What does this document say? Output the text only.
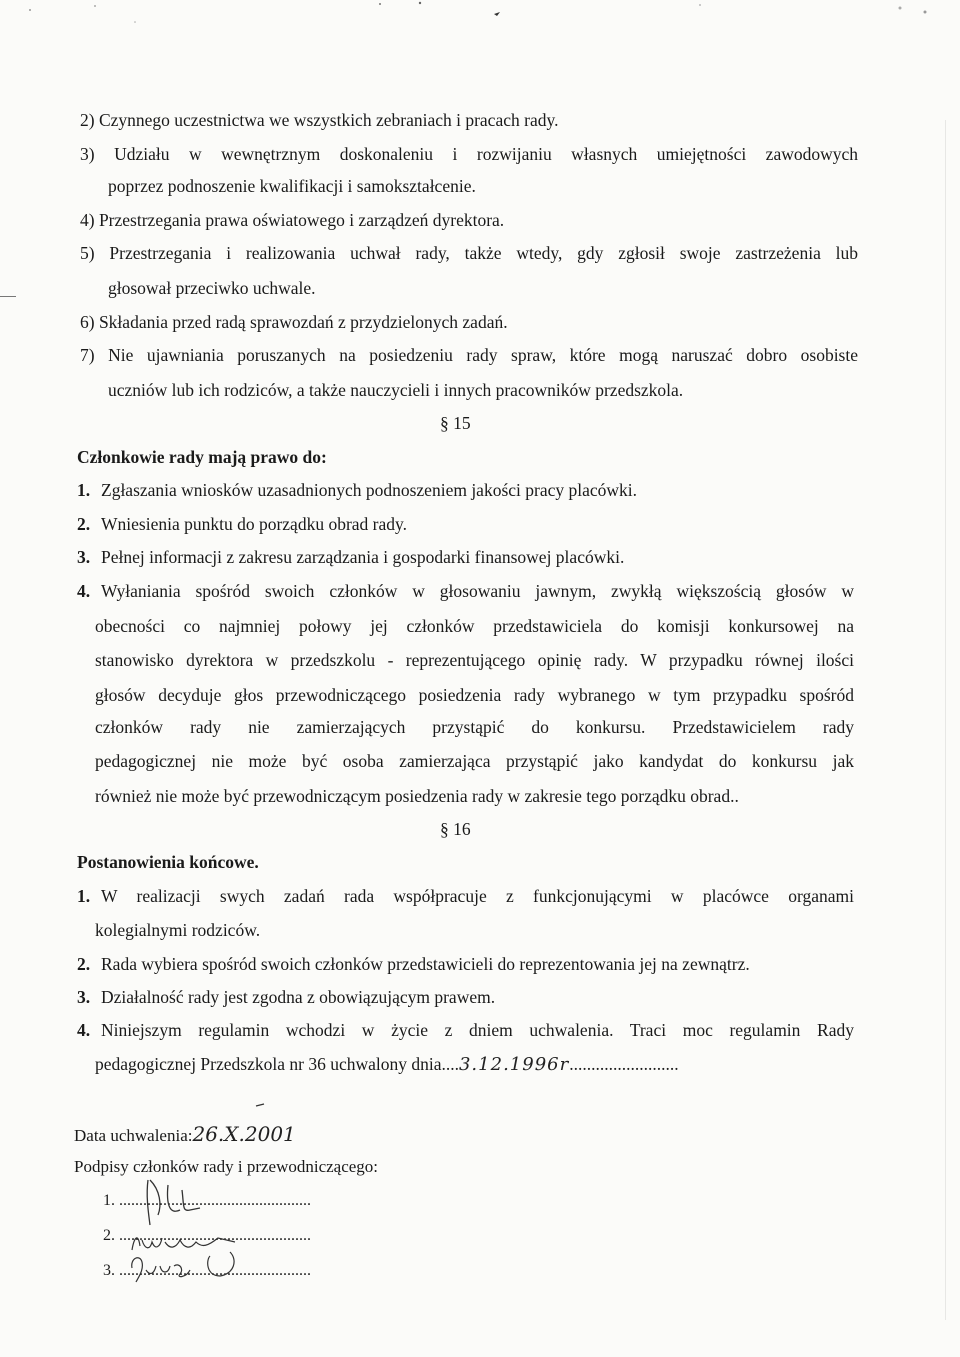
2) Czynnego uczestnictwa we wszystkich zebraniach i pracach rady.
3) Udziału w wewnętrznym doskonaleniu i rozwijaniu własnych umiejętności zawodowych
poprzez podnoszenie kwalifikacji i samokształcenie.
4) Przestrzegania prawa oświatowego i zarządzeń dyrektora.
5) Przestrzegania i realizowania uchwał rady, także wtedy, gdy zgłosił swoje zastrzeżenia lub
głosował przeciwko uchwale.
6) Składania przed radą sprawozdań z przydzielonych zadań.
7) Nie ujawniania poruszanych na posiedzeniu rady spraw, które mogą naruszać dobro osobiste
uczniów lub ich rodziców, a także nauczycieli i innych pracowników przedszkola.
§ 15
Członkowie rady mają prawo do:
1. Zgłaszania wniosków uzasadnionych podnoszeniem jakości pracy placówki.
2. Wniesienia punktu do porządku obrad rady.
3. Pełnej informacji z zakresu zarządzania i gospodarki finansowej placówki.
4. Wyłaniania spośród swoich członków w głosowaniu jawnym, zwykłą większością głosów w
obecności co najmniej połowy jej członków przedstawiciela do komisji konkursowej na
stanowisko dyrektora w przedszkolu - reprezentującego opinię rady. W przypadku równej ilości
głosów decyduje głos przewodniczącego posiedzenia rady wybranego w tym przypadku spośród
członków rady nie zamierzających przystąpić do konkursu. Przedstawicielem rady
pedagogicznej nie może być osoba zamierzająca przystąpić jako kandydat do konkursu jak
również nie może być przewodniczącym posiedzenia rady w zakresie tego porządku obrad..
§ 16
Postanowienia końcowe.
1. W realizacji swych zadań rada współpracuje z funkcjonującymi w placówce organami
kolegialnymi rodziców.
2. Rada wybiera spośród swoich członków przedstawicieli do reprezentowania jej na zewnątrz.
3. Działalność rady jest zgodna z obowiązującym prawem.
4. Niniejszym regulamin wchodzi w życie z dniem uchwalenia. Traci moc regulamin Rady
pedagogicznej Przedszkola nr 36 uchwalony dnia....3.12.1996r.........................
Data uchwalenia:26.X.2001
Podpisy członków rady i przewodniczącego:
1. ................................................
2. ................................................
3. ................................................
